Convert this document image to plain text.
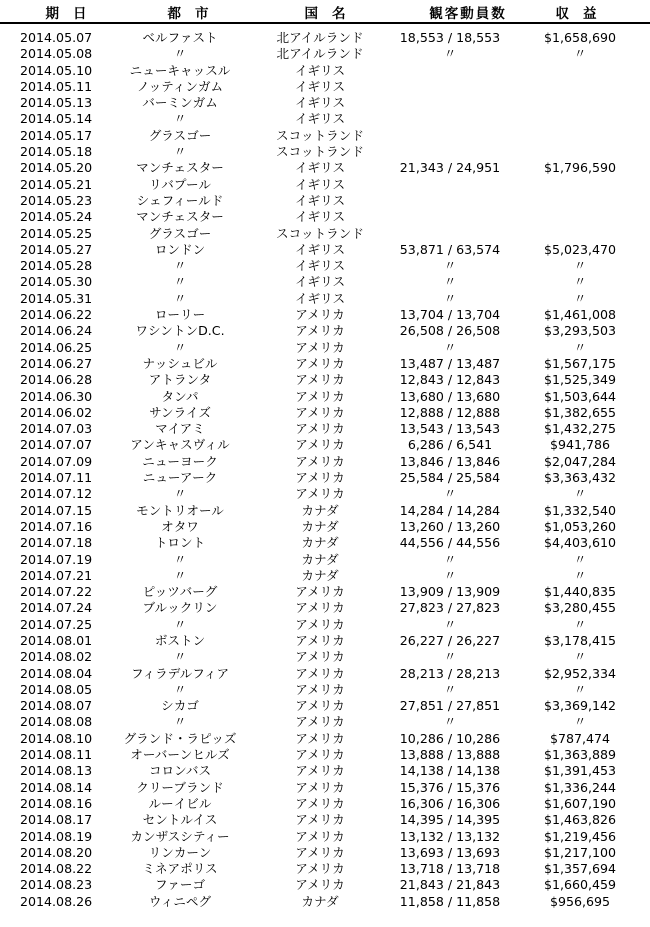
期日	都市	国名	観客動員数	収益
2014.05.07	ベルファスト	北アイルランド	18,553 / 18,553	$1,658,690
2014.05.08	〃	北アイルランド	〃	〃
2014.05.10	ニューキャッスル	イギリス
2014.05.11	ノッティンガム	イギリス
2014.05.13	バーミンガム	イギリス
2014.05.14	〃	イギリス
2014.05.17	グラスゴー	スコットランド
2014.05.18	〃	スコットランド
2014.05.20	マンチェスター	イギリス	21,343 / 24,951	$1,796,590
2014.05.21	リバプール	イギリス
2014.05.23	シェフィールド	イギリス
2014.05.24	マンチェスター	イギリス
2014.05.25	グラスゴー	スコットランド
2014.05.27	ロンドン	イギリス	53,871 / 63,574	$5,023,470
2014.05.28	〃	イギリス	〃	〃
2014.05.30	〃	イギリス	〃	〃
2014.05.31	〃	イギリス	〃	〃
2014.06.22	ローリー	アメリカ	13,704 / 13,704	$1,461,008
2014.06.24	ワシントンD.C.	アメリカ	26,508 / 26,508	$3,293,503
2014.06.25	〃	アメリカ	〃	〃
2014.06.27	ナッシュビル	アメリカ	13,487 / 13,487	$1,567,175
2014.06.28	アトランタ	アメリカ	12,843 / 12,843	$1,525,349
2014.06.30	タンパ	アメリカ	13,680 / 13,680	$1,503,644
2014.06.02	サンライズ	アメリカ	12,888 / 12,888	$1,382,655
2014.07.03	マイアミ	アメリカ	13,543 / 13,543	$1,432,275
2014.07.07	アンキャスヴィル	アメリカ	6,286 / 6,541	$941,786
2014.07.09	ニューヨーク	アメリカ	13,846 / 13,846	$2,047,284
2014.07.11	ニューアーク	アメリカ	25,584 / 25,584	$3,363,432
2014.07.12	〃	アメリカ	〃	〃
2014.07.15	モントリオール	カナダ	14,284 / 14,284	$1,332,540
2014.07.16	オタワ	カナダ	13,260 / 13,260	$1,053,260
2014.07.18	トロント	カナダ	44,556 / 44,556	$4,403,610
2014.07.19	〃	カナダ	〃	〃
2014.07.21	〃	カナダ	〃	〃
2014.07.22	ピッツバーグ	アメリカ	13,909 / 13,909	$1,440,835
2014.07.24	ブルックリン	アメリカ	27,823 / 27,823	$3,280,455
2014.07.25	〃	アメリカ	〃	〃
2014.08.01	ボストン	アメリカ	26,227 / 26,227	$3,178,415
2014.08.02	〃	アメリカ	〃	〃
2014.08.04	フィラデルフィア	アメリカ	28,213 / 28,213	$2,952,334
2014.08.05	〃	アメリカ	〃	〃
2014.08.07	シカゴ	アメリカ	27,851 / 27,851	$3,369,142
2014.08.08	〃	アメリカ	〃	〃
2014.08.10	グランド・ラピッズ	アメリカ	10,286 / 10,286	$787,474
2014.08.11	オーバーンヒルズ	アメリカ	13,888 / 13,888	$1,363,889
2014.08.13	コロンバス	アメリカ	14,138 / 14,138	$1,391,453
2014.08.14	クリーブランド	アメリカ	15,376 / 15,376	$1,336,244
2014.08.16	ルーイビル	アメリカ	16,306 / 16,306	$1,607,190
2014.08.17	セントルイス	アメリカ	14,395 / 14,395	$1,463,826
2014.08.19	カンザスシティー	アメリカ	13,132 / 13,132	$1,219,456
2014.08.20	リンカーン	アメリカ	13,693 / 13,693	$1,217,100
2014.08.22	ミネアポリス	アメリカ	13,718 / 13,718	$1,357,694
2014.08.23	ファーゴ	アメリカ	21,843 / 21,843	$1,660,459
2014.08.26	ウィニペグ	カナダ	11,858 / 11,858	$956,695
